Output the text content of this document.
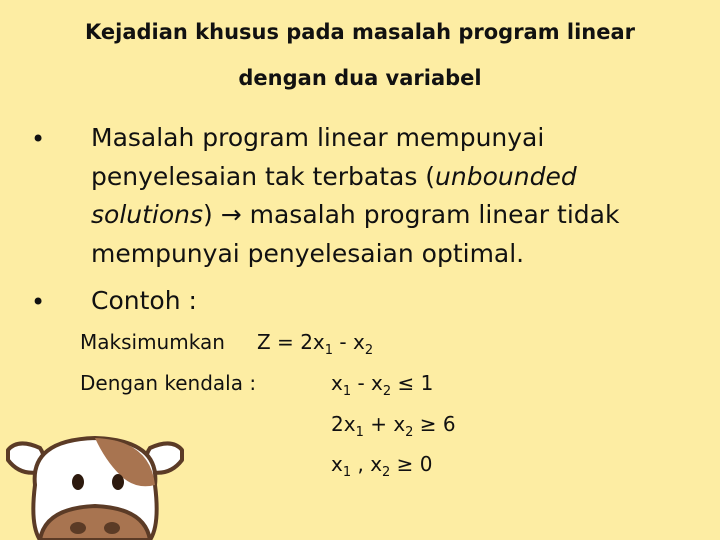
Kejadian khusus pada masalah program linear
dengan dua variabel
• Masalah program linear mempunyai penyelesaian tak terbatas (unbounded solutions) → masalah program linear tidak mempunyai penyelesaian optimal.
• Contoh :
Maksimumkan $Z = 2x_1 - x_2$
Dengan kendala :	$x_1 - x_2 \le 1$
$2x_1 + x_2 \ge 6$
$x_1$ , $x_2 \ge 0$
